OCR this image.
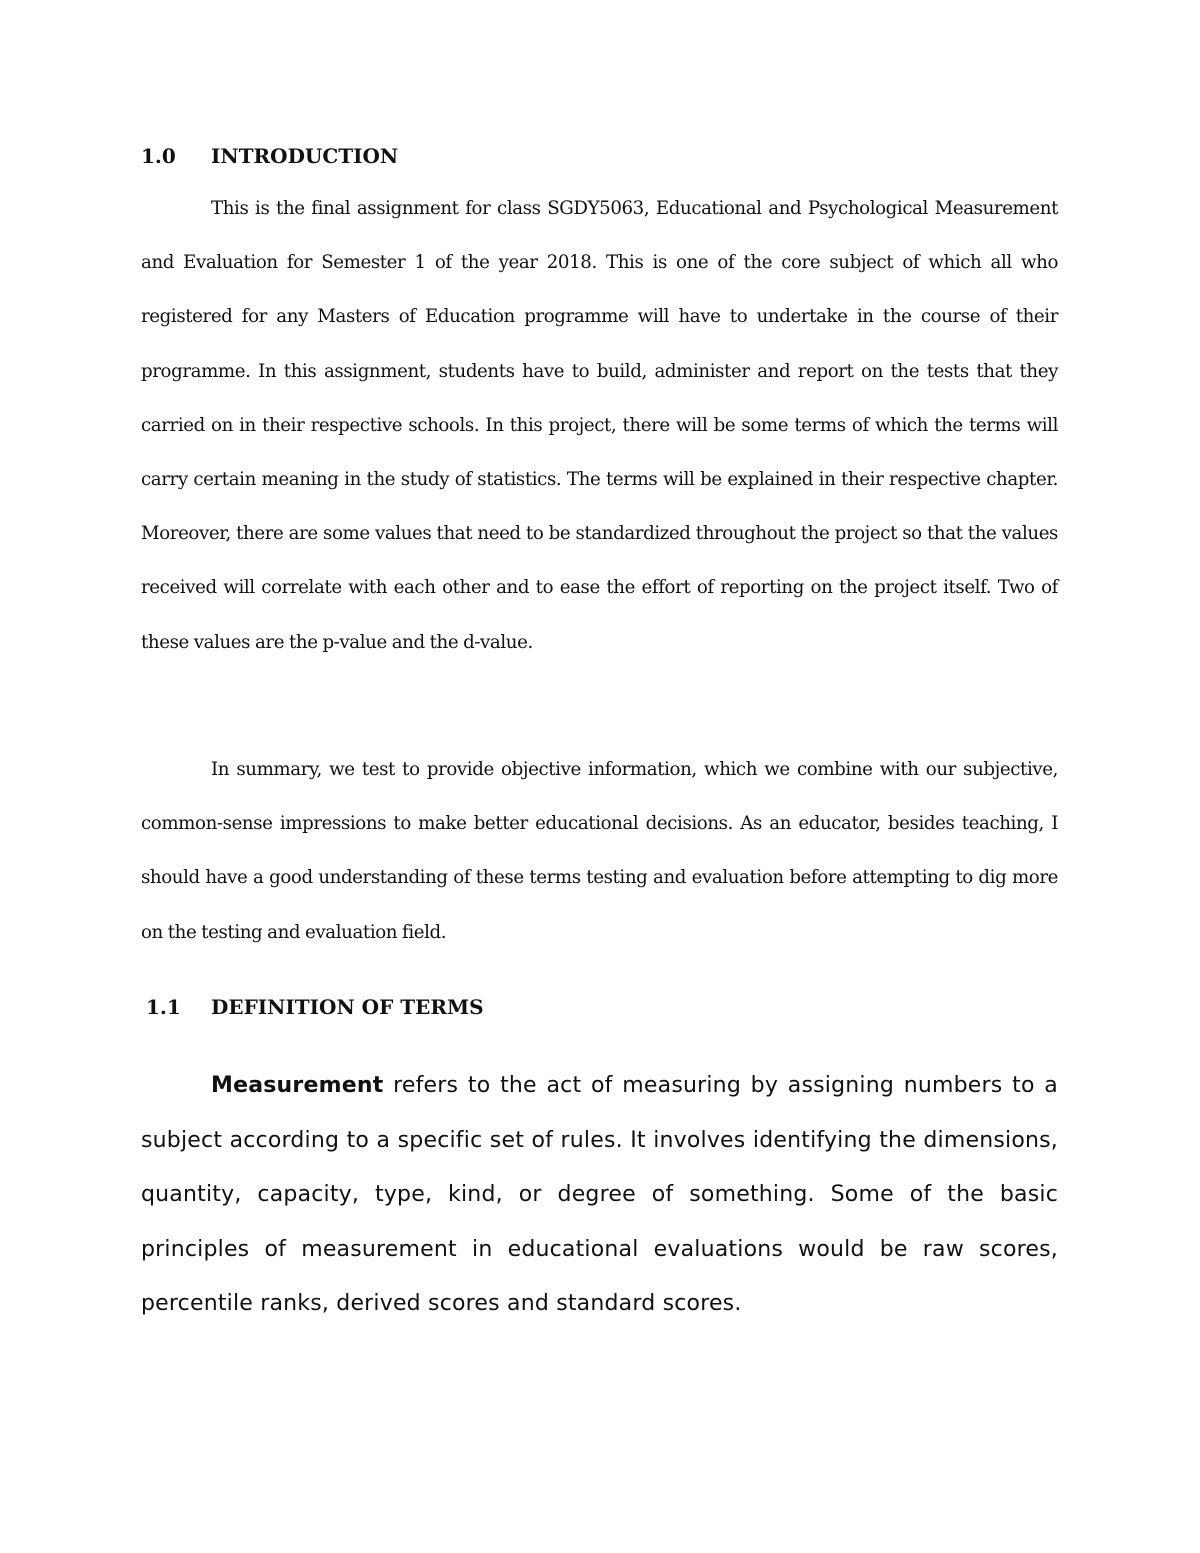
1.0 INTRODUCTION

This is the final assignment for class SGDY5063, Educational and Psychological Measurement and Evaluation for Semester 1 of the year 2018. This is one of the core subject of which all who registered for any Masters of Education programme will have to undertake in the course of their programme. In this assignment, students have to build, administer and report on the tests that they carried on in their respective schools. In this project, there will be some terms of which the terms will carry certain meaning in the study of statistics. The terms will be explained in their respective chapter. Moreover, there are some values that need to be standardized throughout the project so that the values received will correlate with each other and to ease the effort of reporting on the project itself. Two of these values are the p-value and the d-value.

In summary, we test to provide objective information, which we combine with our subjective, common-sense impressions to make better educational decisions. As an educator, besides teaching, I should have a good understanding of these terms testing and evaluation before attempting to dig more on the testing and evaluation field.

1.1 DEFINITION OF TERMS

Measurement refers to the act of measuring by assigning numbers to a subject according to a specific set of rules. It involves identifying the dimensions, quantity, capacity, type, kind, or degree of something. Some of the basic principles of measurement in educational evaluations would be raw scores, percentile ranks, derived scores and standard scores.
